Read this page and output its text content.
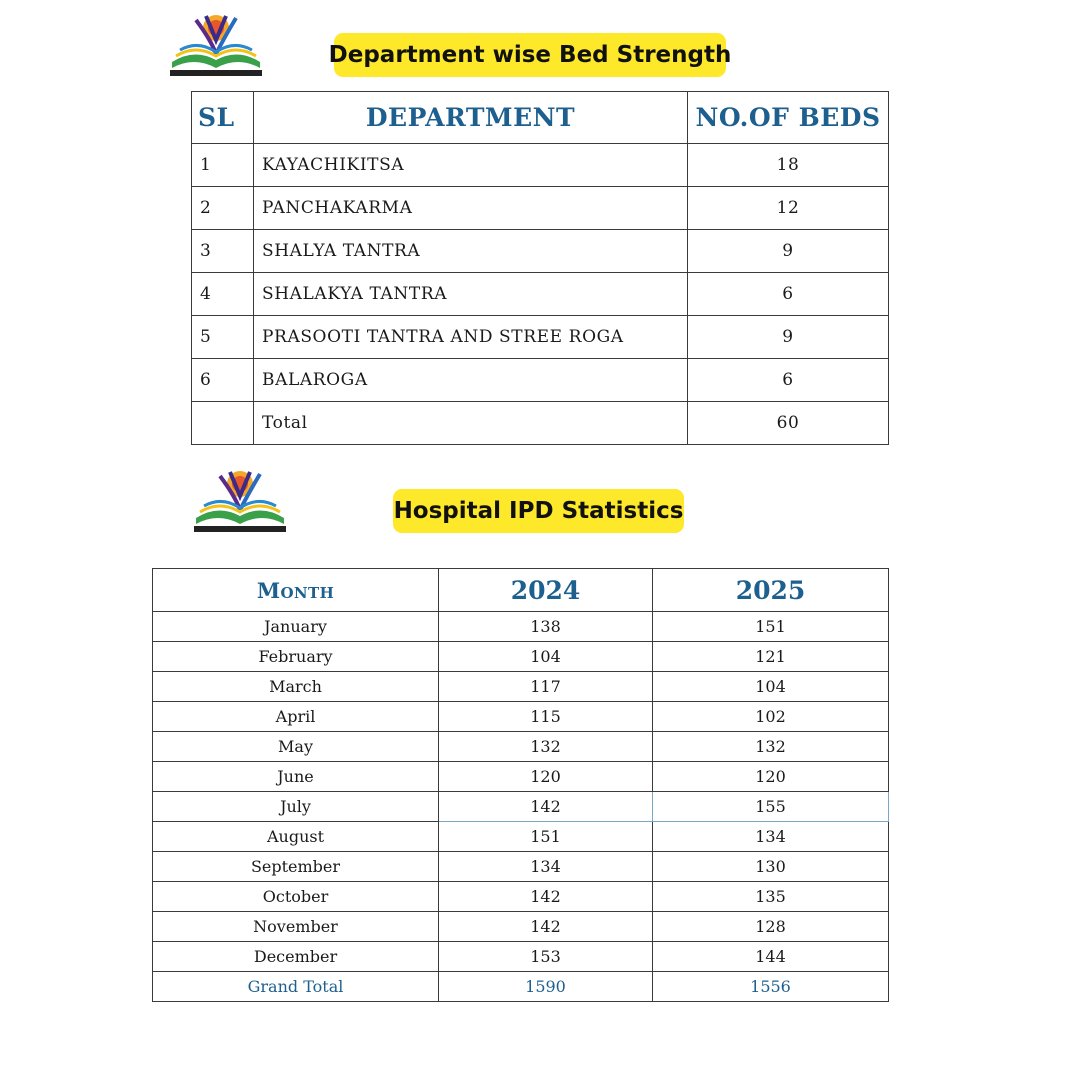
Department wise Bed Strength
SL	DEPARTMENT	NO.OF BEDS
1	KAYACHIKITSA	18
2	PANCHAKARMA	12
3	SHALYA TANTRA	9
4	SHALAKYA TANTRA	6
5	PRASOOTI TANTRA AND STREE ROGA	9
6	BALAROGA	6
	Total	60
Hospital IPD Statistics
Month	2024	2025
January	138	151
February	104	121
March	117	104
April	115	102
May	132	132
June	120	120
July	142	155
August	151	134
September	134	130
October	142	135
November	142	128
December	153	144
Grand Total	1590	1556
